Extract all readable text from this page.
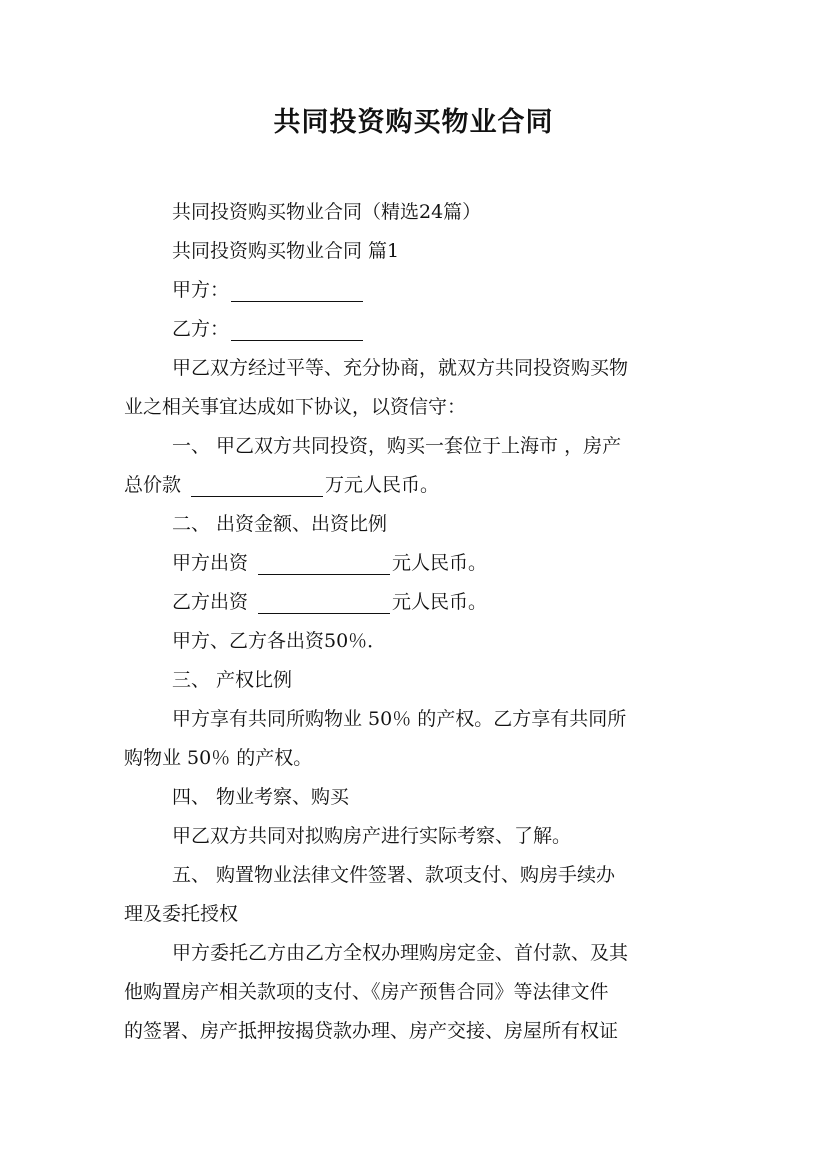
共同投资购买物业合同
共同投资购买物业合同（精选24篇）
共同投资购买物业合同 篇1
甲方：
乙方：
甲乙双方经过平等、充分协商，就双方共同投资购买物
业之相关事宜达成如下协议，以资信守：
一、 甲乙双方共同投资，购买一套位于上海市 ，房产
总价款	万元人民币。
二、 出资金额、出资比例
甲方出资	元人民币。
乙方出资	元人民币。
甲方、乙方各出资50％．
三、 产权比例
甲方享有共同所购物业 50％ 的产权。乙方享有共同所
购物业 50％ 的产权。
四、 物业考察、购买
甲乙双方共同对拟购房产进行实际考察、了解。
五、 购置物业法律文件签署、款项支付、购房手续办
理及委托授权
甲方委托乙方由乙方全权办理购房定金、首付款、及其
他购置房产相关款项的支付、《房产预售合同》等法律文件
的签署、房产抵押按揭贷款办理、房产交接、房屋所有权证
